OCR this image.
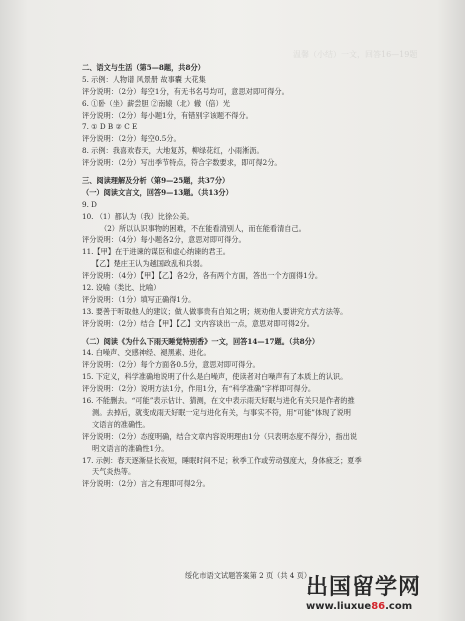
温馨（小结）一文，回答16—19题
二、语文与生活（第5—8题，共8分）
5. 示例：人物谱 风景册 故事囊 大花集
评分说明：（2分）每空1分，有无书名号均可，意思对即可得分。
6. ①卧（坐）薪尝胆 ②南辕（北）辙（倍）光
评分说明：（2分）每小题1分，有错别字该题不得分。
7. ① D B ② C E
评分说明：（2分）每空0.5分。
8. 示例：我喜欢春天，大地复苏，柳绿花红，小雨淅沥。
评分说明：（2分）写出季节特点，符合字数要求，即可得2分。
三、阅读理解及分析（第9—25题，共37分）
（一）阅读文言文，回答9—13题。（共13分）
9. D
10. （1）都认为（我）比徐公美。
（2）所以认识事物的困难，不在能看清别人，而在能看清自己。
评分说明：（4分）每小题各2分，意思对即可得分。
11.【甲】在于进谏的谋臣和虚心纳谏的君王。
【乙】楚庄王认为越国政乱和兵弱。
评分说明：（4分）【甲】【乙】各2分，各有两个方面，答出一个方面得1分。
12. 设喻（类比、比喻）
评分说明：（1分）填写正确得1分。
13. 要善于听取他人的建议；做人做事贵有自知之明；规劝他人要讲究方式方法等。
评分说明：（2分）结合【甲】【乙】文内容谈出一点，意思对即可得2分。
（二）阅读《为什么下雨天睡觉特别香》一文，回答14—17题。（共8分）
14. 白噪声、交感神经、褪黑素、进化。
评分说明：（2分）每个方面各0.5分，意思对即可得分。
15. 下定义，科学准确地说明了什么是白噪声，使读者对白噪声有了本质上的认识。
评分说明：（2分）说明方法1分，作用1分，有“科学准确”字样即可得分。
16. 不能删去。“可能”表示估计、猜测，在文中表示雨天好眠与进化有关只是作者的推
测。去掉后，就变成雨天好眠一定与进化有关，与事实不符，用“可能”体现了说明
文语言的准确性。
评分说明：（2分）态度明确，结合文章内容说明理由1分（只表明态度不得分），指出说
明文语言的准确性1分。
17. 示例：春天逐渐昼长夜短，睡眠时间不足；秋季工作或劳动强度大，身体疲乏；夏季
天气炎热等。
评分说明：（2分）言之有理即可得2分。
绥化市语文试题答案第 2 页（共 4 页）
出国留学网
www.liuxue86.com
